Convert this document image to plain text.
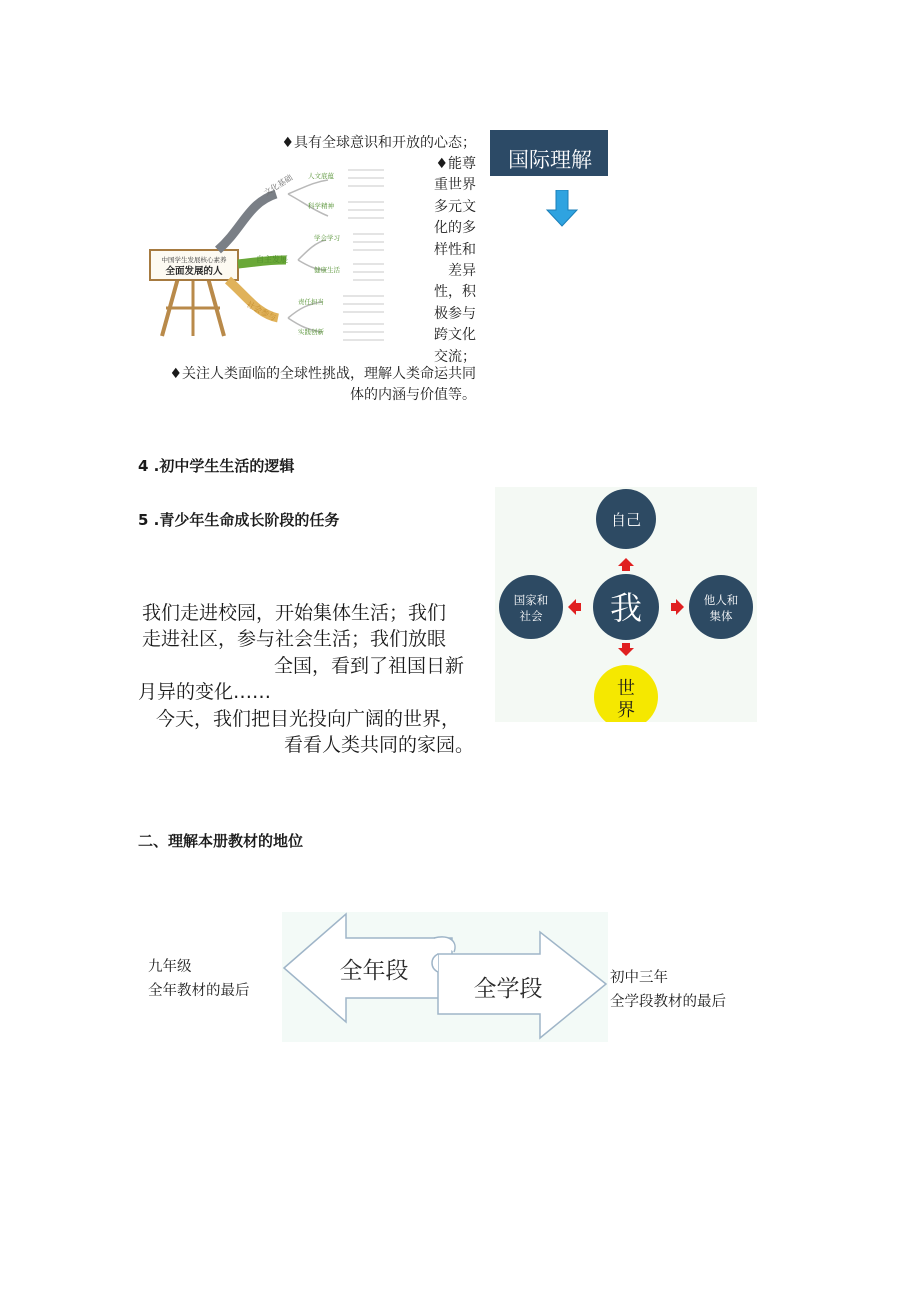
中国学生发展核心素养
全面发展的人
文化基础
自主发展
社会参与
人文底蕴
科学精神
学会学习
健康生活
责任担当
实践创新
♦具有全球意识和开放的心态；
♦能尊
重世界
多元文
化的多
样性和
差异
性，积
极参与
跨文化
交流；
♦关注人类面临的全球性挑战，理解人类命运共同
体的内涵与价值等。
国际理解
4 .初中学生生活的逻辑
5 .青少年生命成长阶段的任务
我们走进校园，开始集体生活；我们
走进社区，参与社会生活；我们放眼
全国，看到了祖国日新
月异的变化……
今天，我们把目光投向广阔的世界，
看看人类共同的家园。
我
自己
国家和
社会
他人和
集体
世
界
二、理解本册教材的地位
全年段
全学段
九年级
全年教材的最后
初中三年
全学段教材的最后
